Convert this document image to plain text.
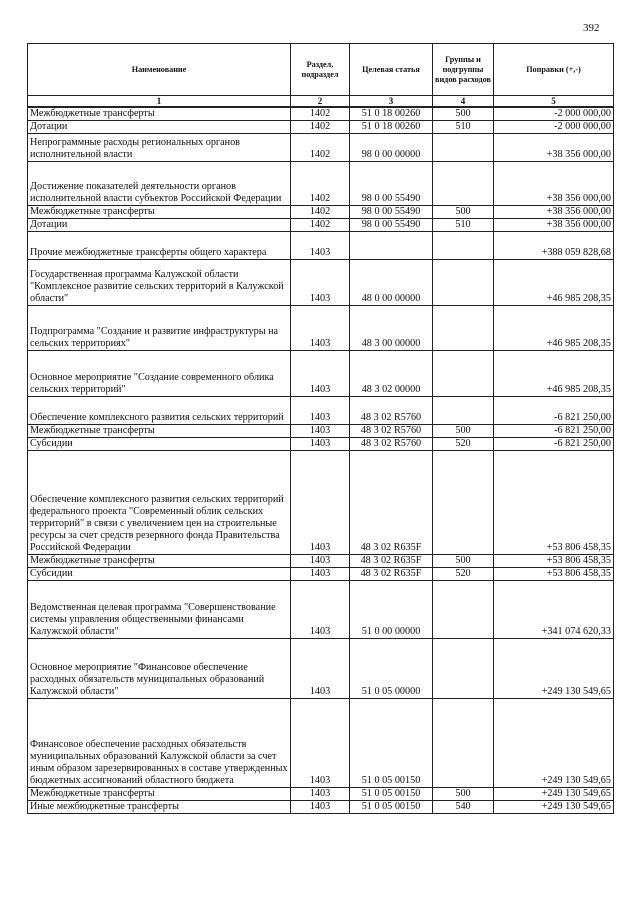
392
Наименование	Раздел, подраздел	Целевая статья	Группы и подгруппы видов расходов	Поправки (+,-)
1	2	3	4	5
Межбюджетные трансферты	1402	51 0 18 00260	500	-2 000 000,00
Дотации	1402	51 0 18 00260	510	-2 000 000,00
Непрограммные расходы региональных органов исполнительной власти	1402	98 0 00 00000		+38 356 000,00
Достижение показателей деятельности органов исполнительной власти субъектов Российской Федерации	1402	98 0 00 55490		+38 356 000,00
Межбюджетные трансферты	1402	98 0 00 55490	500	+38 356 000,00
Дотации	1402	98 0 00 55490	510	+38 356 000,00
Прочие межбюджетные трансферты общего характера	1403			+388 059 828,68
Государственная программа Калужской области "Комплексное развитие сельских территорий в Калужской области"	1403	48 0 00 00000		+46 985 208,35
Подпрограмма "Создание и развитие инфраструктуры на сельских территориях"	1403	48 3 00 00000		+46 985 208,35
Основное мероприятие "Создание современного облика сельских территорий"	1403	48 3 02 00000		+46 985 208,35
Обеспечение комплексного развития сельских территорий	1403	48 3 02 R5760		-6 821 250,00
Межбюджетные трансферты	1403	48 3 02 R5760	500	-6 821 250,00
Субсидии	1403	48 3 02 R5760	520	-6 821 250,00
Обеспечение комплексного развития сельских территорий федерального проекта "Современный облик сельских территорий" в связи с увеличением цен на строительные ресурсы за счет средств резервного фонда Правительства Российской Федерации	1403	48 3 02 R635F		+53 806 458,35
Межбюджетные трансферты	1403	48 3 02 R635F	500	+53 806 458,35
Субсидии	1403	48 3 02 R635F	520	+53 806 458,35
Ведомственная целевая программа "Совершенствование системы управления общественными финансами Калужской области"	1403	51 0 00 00000		+341 074 620,33
Основное мероприятие "Финансовое обеспечение расходных обязательств муниципальных образований Калужской области"	1403	51 0 05 00000		+249 130 549,65
Финансовое обеспечение расходных обязательств муниципальных образований Калужской области за счет иным образом зарезервированных в составе утвержденных бюджетных ассигнований областного бюджета	1403	51 0 05 00150		+249 130 549,65
Межбюджетные трансферты	1403	51 0 05 00150	500	+249 130 549,65
Иные межбюджетные трансферты	1403	51 0 05 00150	540	+249 130 549,65
